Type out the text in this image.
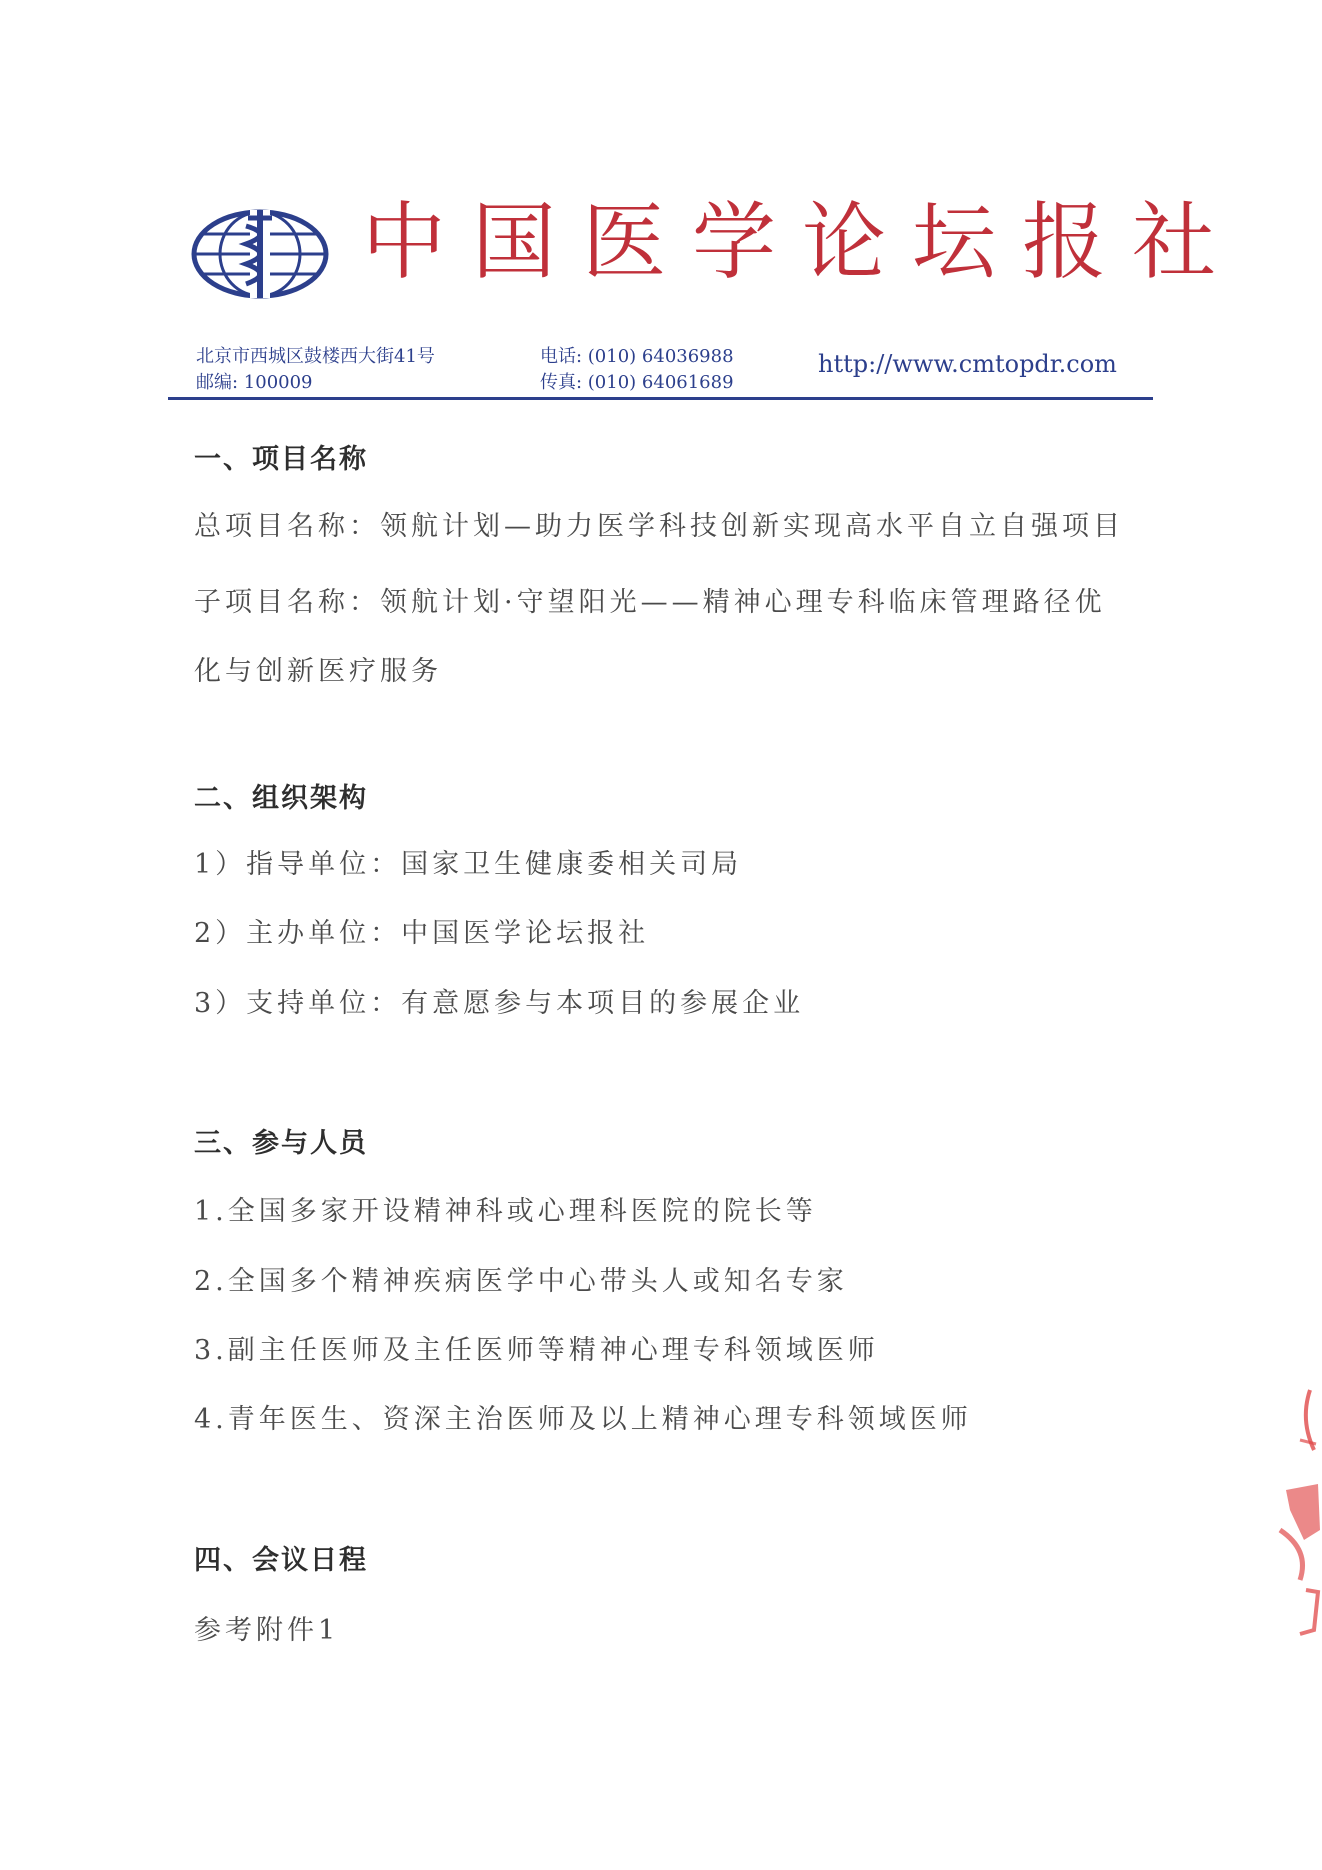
中国医学论坛报社
北京市西城区鼓楼西大街41号
邮编: 100009
电话: (010) 64036988
传真: (010) 64061689
http://www.cmtopdr.com
一、项目名称
总项目名称：领航计划—助力医学科技创新实现高水平自立自强项目
子项目名称：领航计划·守望阳光——精神心理专科临床管理路径优
化与创新医疗服务
二、组织架构
1）指导单位：国家卫生健康委相关司局
2）主办单位：中国医学论坛报社
3）支持单位：有意愿参与本项目的参展企业
三、参与人员
1.全国多家开设精神科或心理科医院的院长等
2.全国多个精神疾病医学中心带头人或知名专家
3.副主任医师及主任医师等精神心理专科领域医师
4.青年医生、资深主治医师及以上精神心理专科领域医师
四、会议日程
参考附件1
